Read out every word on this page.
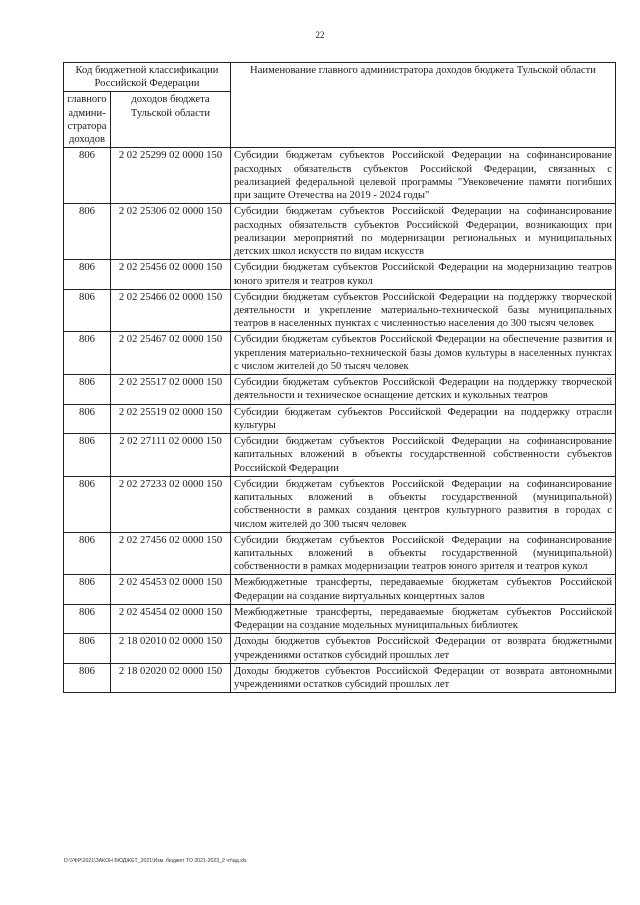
22
Код бюджетной классификации Российской Федерации		Наименование главного администратора доходов бюджета Тульской области
главного админи-стратора доходов	доходов бюджета Тульской области	
806	2 02 25299 02 0000 150	Субсидии бюджетам субъектов Российской Федерации на софинансирование расходных обязательств субъектов Российской Федерации, связанных с реализацией федеральной целевой программы "Увековечение памяти погибших при защите Отечества на 2019 - 2024 годы"
806	2 02 25306 02 0000 150	Субсидии бюджетам субъектов Российской Федерации на софинансирование расходных обязательств субъектов Российской Федерации, возникающих при реализации мероприятий по модернизации региональных и муниципальных детских школ искусств по видам искусств
806	2 02 25456 02 0000 150	Субсидии бюджетам субъектов Российской Федерации на модернизацию театров юного зрителя и театров кукол
806	2 02 25466 02 0000 150	Субсидии бюджетам субъектов Российской Федерации на поддержку творческой деятельности и укрепление материально-технической базы муниципальных театров в населенных пунктах с численностью населения до 300 тысяч человек
806	2 02 25467 02 0000 150	Субсидии бюджетам субъектов Российской Федерации на обеспечение развития и укрепления материально-технической базы домов культуры в населенных пунктах с числом жителей до 50 тысяч человек
806	2 02 25517 02 0000 150	Субсидии бюджетам субъектов Российской Федерации на поддержку творческой деятельности и техническое оснащение детских и кукольных театров
806	2 02 25519 02 0000 150	Субсидии бюджетам субъектов Российской Федерации на поддержку отрасли культуры
806	2 02 27111 02 0000 150	Субсидии бюджетам субъектов Российской Федерации на софинансирование капитальных вложений в объекты государственной собственности субъектов Российской Федерации
806	2 02 27233 02 0000 150	Субсидии бюджетам субъектов Российской Федерации на софинансирование капитальных вложений в объекты государственной (муниципальной) собственности в рамках создания центров культурного развития в городах с числом жителей до 300 тысяч человек
806	2 02 27456 02 0000 150	Субсидии бюджетам субъектов Российской Федерации на софинансирование капитальных вложений в объекты государственной (муниципальной) собственности в рамках модернизации театров юного зрителя и театров кукол
806	2 02 45453 02 0000 150	Межбюджетные трансферты, передаваемые бюджетам субъектов Российской Федерации на создание виртуальных концертных залов
806	2 02 45454 02 0000 150	Межбюджетные трансферты, передаваемые бюджетам субъектов Российской Федерации на создание модельных муниципальных библиотек
806	2 18 02010 02 0000 150	Доходы бюджетов субъектов Российской Федерации от возврата бюджетными учреждениями остатков субсидий прошлых лет
806	2 18 02020 02 0000 150	Доходы бюджетов субъектов Российской Федерации от возврата автономными учреждениями остатков субсидий прошлых лет
D:\УФР\2021\ЗАКОН БЮДЖЕТ_2021\Изм. бюджет ТО 2021-2023_2 чт\ад.xls
